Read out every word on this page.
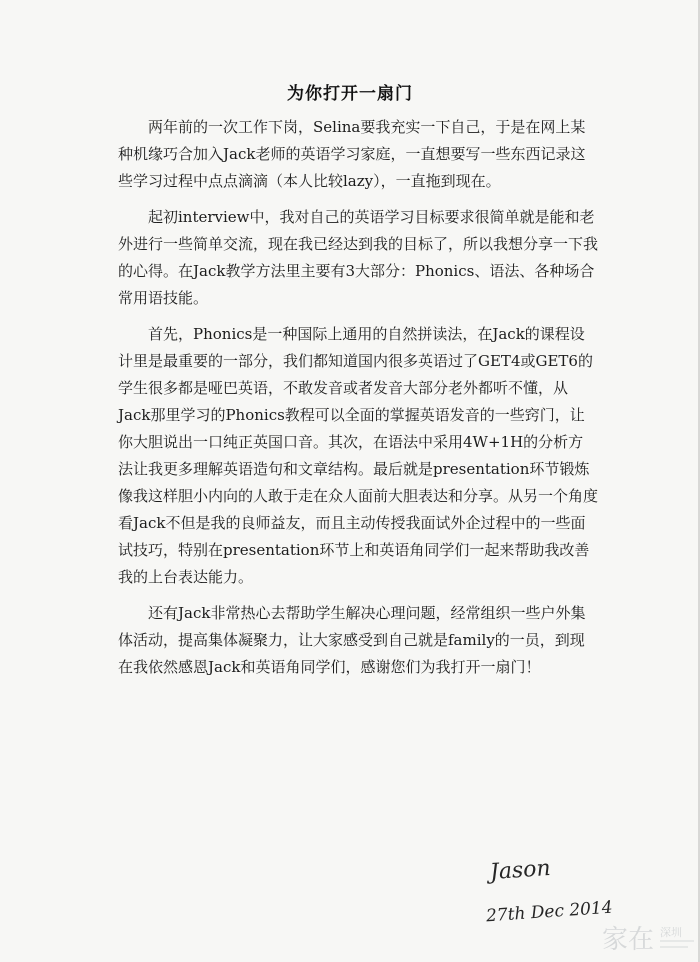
为你打开一扇门

两年前的一次工作下岗，Selina要我充实一下自己，于是在网上某种机缘巧合加入Jack老师的英语学习家庭，一直想要写一些东西记录这些学习过程中点点滴滴（本人比较lazy），一直拖到现在。

起初interview中，我对自己的英语学习目标要求很简单就是能和老外进行一些简单交流，现在我已经达到我的目标了，所以我想分享一下我的心得。在Jack教学方法里主要有3大部分：Phonics、语法、各种场合常用语技能。

首先，Phonics是一种国际上通用的自然拼读法，在Jack的课程设计里是最重要的一部分，我们都知道国内很多英语过了GET4或GET6的学生很多都是哑巴英语，不敢发音或者发音大部分老外都听不懂，从Jack那里学习的Phonics教程可以全面的掌握英语发音的一些窍门，让你大胆说出一口纯正英国口音。其次，在语法中采用4W+1H的分析方法让我更多理解英语造句和文章结构。最后就是presentation环节锻炼像我这样胆小内向的人敢于走在众人面前大胆表达和分享。从另一个角度看Jack不但是我的良师益友，而且主动传授我面试外企过程中的一些面试技巧，特别在presentation环节上和英语角同学们一起来帮助我改善我的上台表达能力。

还有Jack非常热心去帮助学生解决心理问题，经常组织一些户外集体活动，提高集体凝聚力，让大家感受到自己就是family的一员，到现在我依然感恩Jack和英语角同学们，感谢您们为我打开一扇门！

Jason
27th Dec 2014
家在 深圳
